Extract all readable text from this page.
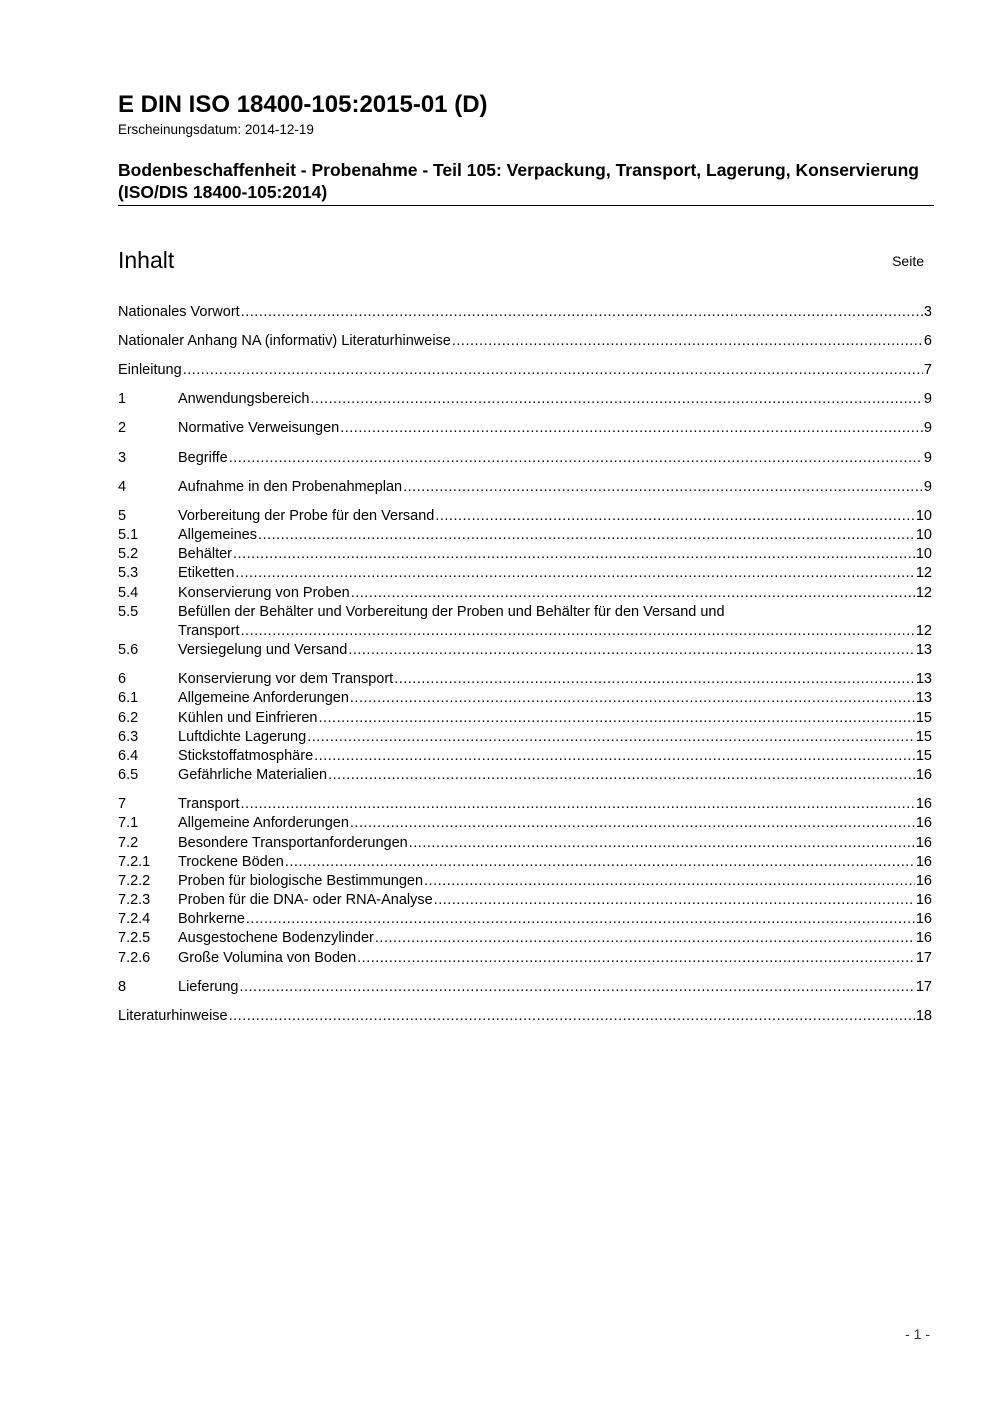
E DIN ISO 18400-105:2015-01 (D)
Erscheinungsdatum: 2014-12-19
Bodenbeschaffenheit - Probenahme - Teil 105: Verpackung, Transport, Lagerung, Konservierung (ISO/DIS 18400-105:2014)
Inhalt	Seite
Nationales Vorwort .....	3
Nationaler Anhang NA (informativ) Literaturhinweise .....	6
Einleitung .....	7
1	Anwendungsbereich .....	9
2	Normative Verweisungen .....	9
3	Begriffe .....	9
4	Aufnahme in den Probenahmeplan .....	9
5	Vorbereitung der Probe für den Versand .....	10
5.1	Allgemeines .....	10
5.2	Behälter .....	10
5.3	Etiketten .....	12
5.4	Konservierung von Proben .....	12
5.5	Befüllen der Behälter und Vorbereitung der Proben und Behälter für den Versand und
Transport .....	12
5.6	Versiegelung und Versand .....	13
6	Konservierung vor dem Transport .....	13
6.1	Allgemeine Anforderungen .....	13
6.2	Kühlen und Einfrieren .....	15
6.3	Luftdichte Lagerung .....	15
6.4	Stickstoffatmosphäre .....	15
6.5	Gefährliche Materialien .....	16
7	Transport .....	16
7.1	Allgemeine Anforderungen .....	16
7.2	Besondere Transportanforderungen .....	16
7.2.1 Trockene Böden .....	16
7.2.2 Proben für biologische Bestimmungen .....	16
7.2.3 Proben für die DNA- oder RNA-Analyse .....	16
7.2.4 Bohrkerne .....	16
7.2.5 Ausgestochene Bodenzylinder .....	16
7.2.6 Große Volumina von Boden .....	17
8	Lieferung .....	17
Literaturhinweise .....	18
- 1 -
